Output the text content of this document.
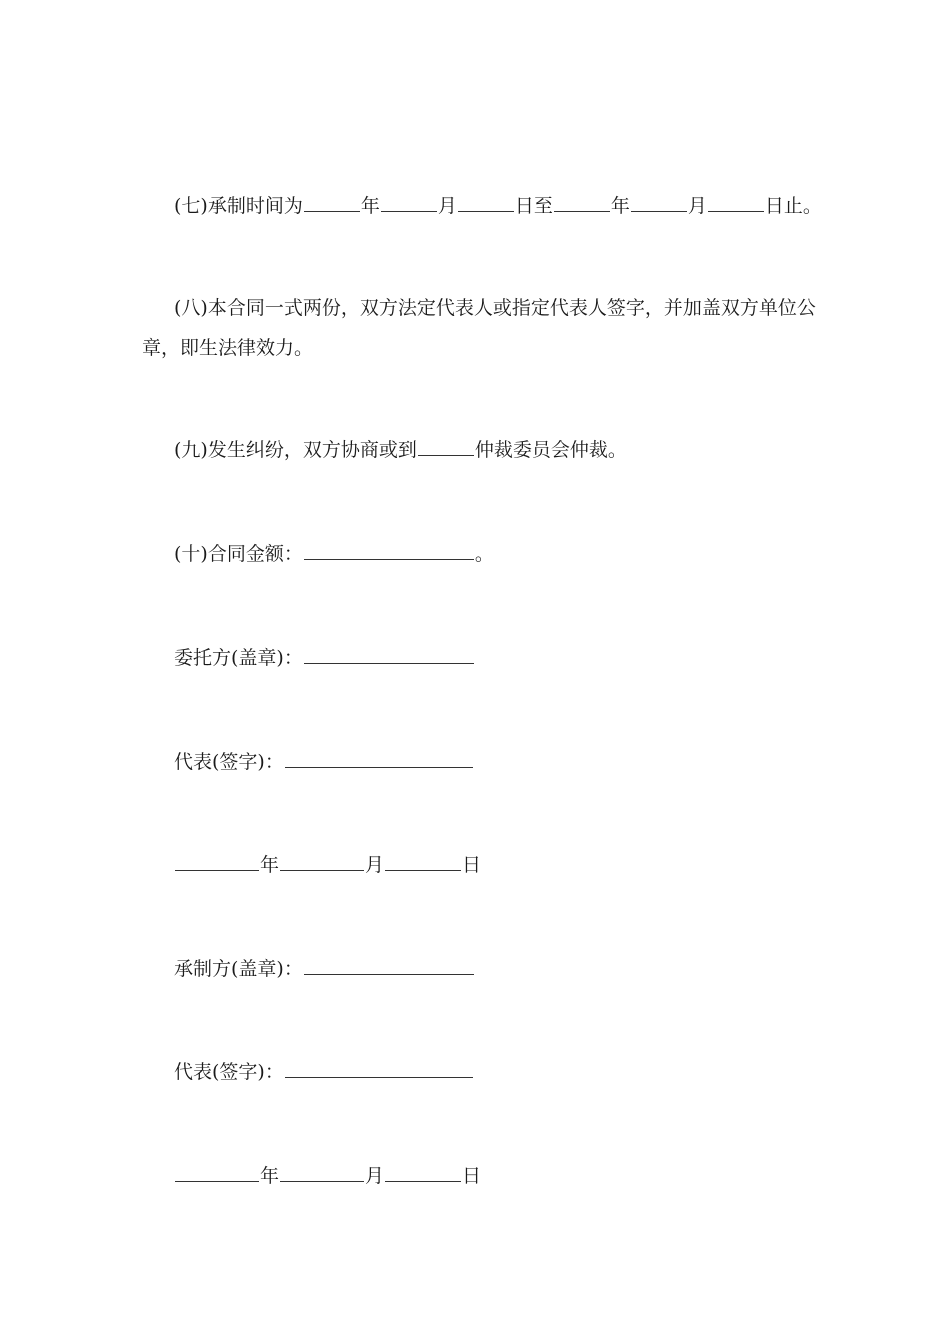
(七)承制时间为	年	月	日至	年	月	日止。
(八)本合同一式两份，双方法定代表人或指定代表人签字，并加盖双方单位公章，即生法律效力。
(九)发生纠纷，双方协商或到	仲裁委员会仲裁。
(十)合同金额：	。
委托方(盖章)：
代表(签字)：
年	月	日
承制方(盖章)：
代表(签字)：
年	月	日
